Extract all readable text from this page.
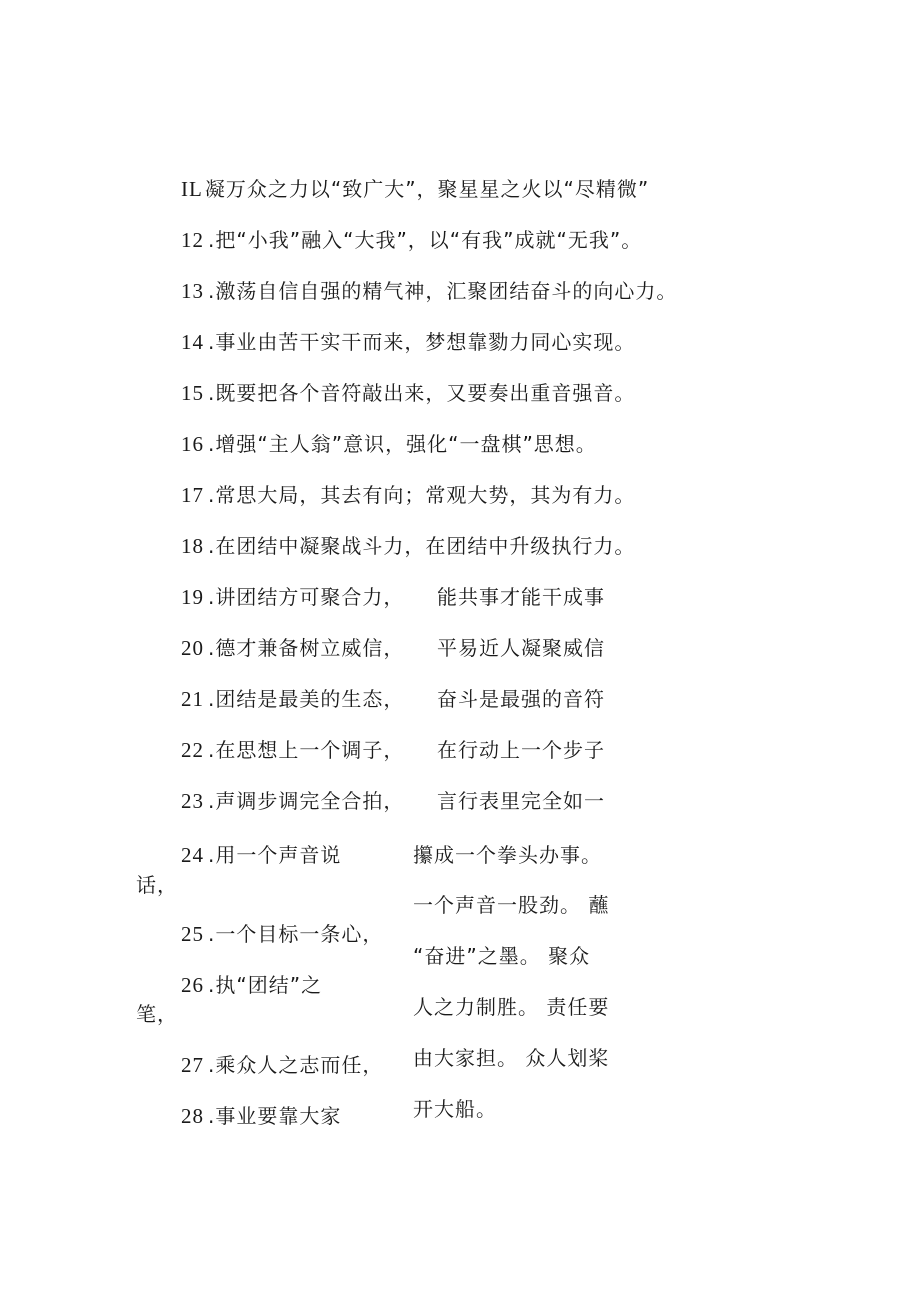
IL 凝万众之力以“致广大”，聚星星之火以“尽精微”
12 .把“小我”融入“大我”，以“有我”成就“无我”。
13 .激荡自信自强的精气神，汇聚团结奋斗的向心力。
14 .事业由苦干实干而来，梦想靠勠力同心实现。
15 .既要把各个音符敲出来，又要奏出重音强音。
16 .增强“主人翁”意识，强化“一盘棋”思想。
17 .常思大局，其去有向；常观大势，其为有力。
18 .在团结中凝聚战斗力，在团结中升级执行力。
19 .讲团结方可聚合力， 能共事才能干成事
20 .德才兼备树立威信， 平易近人凝聚威信
21 .团结是最美的生态， 奋斗是最强的音符
22 .在思想上一个调子， 在行动上一个步子
23 .声调步调完全合拍， 言行表里完全如一
24 .用一个声音说
话，
25 .一个目标一条心，
26 .执“团结”之
笔，
27 .乘众人之志而任，
28 .事业要靠大家
攥成一个拳头办事。
一个声音一股劲。 蘸
“奋进”之墨。 聚众
人之力制胜。 责任要
由大家担。 众人划桨
开大船。
